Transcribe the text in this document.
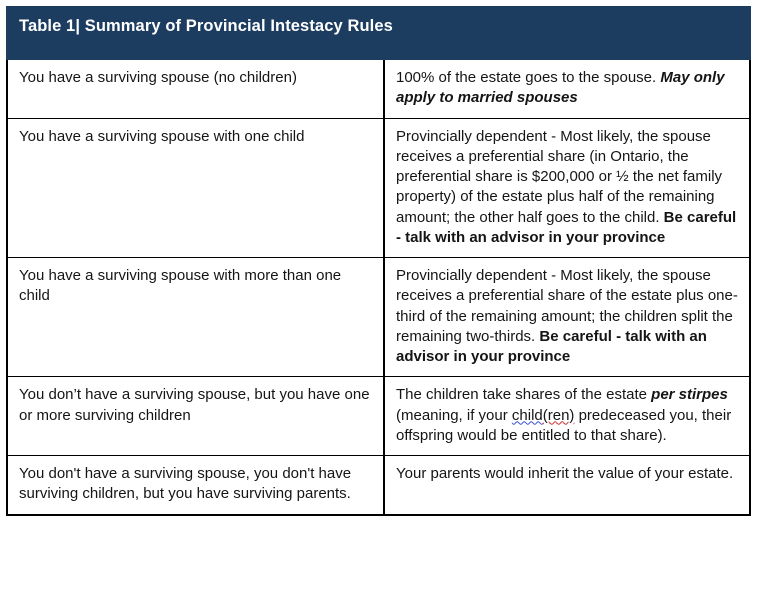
Table 1| Summary of Provincial Intestacy Rules	

You have a surviving spouse (no children)	100% of the estate goes to the spouse. May only apply to married spouses

You have a surviving spouse with one child	Provincially dependent - Most likely, the spouse receives a preferential share (in Ontario, the preferential share is $200,000 or ½ the net family property) of the estate plus half of the remaining amount; the other half goes to the child. Be careful - talk with an advisor in your province

You have a surviving spouse with more than one child	Provincially dependent - Most likely, the spouse receives a preferential share of the estate plus one-third of the remaining amount; the children split the remaining two-thirds. Be careful - talk with an advisor in your province

You don’t have a surviving spouse, but you have one or more surviving children	The children take shares of the estate per stirpes (meaning, if your child(ren) predeceased you, their offspring would be entitled to that share).

You don't have a surviving spouse, you don't have surviving children, but you have surviving parents.	Your parents would inherit the value of your estate.
